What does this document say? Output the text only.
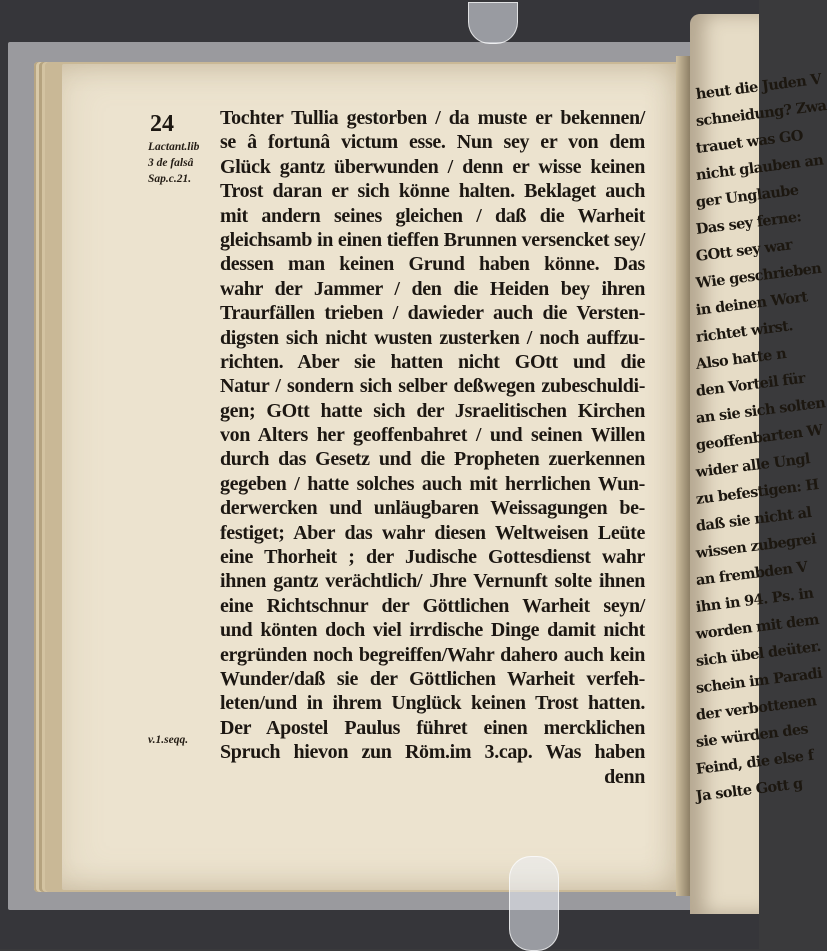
heut die Juden V
schneidung? Zwa
trauet was GO
nicht glauben an
ger Unglaube
Das sey ferne:
GOtt sey war
Wie geschrieben
in deinen Wort
richtet wirst.
Also hatte n
den Vorteil für
an sie sich solten
geoffenbarten W
wider alle Ungl
zu befestigen: H
daß sie nicht al
wissen zubegrei
an frembden V
ihn in 94. Ps. in
worden mit dem
sich übel deüter.
schein im Paradi
der verbottenen
sie würden des
Feind, die else f
Ja solte Gott g
24
Lactant.lib
3 de falsâ
Sap.c.21.
v.1.seqq.
Tochter Tullia gestorben / da muste er bekennen/
se â fortunâ victum esse. Nun sey er von dem
Glück gantz überwunden / denn er wisse keinen
Trost daran er sich könne halten. Beklaget auch
mit andern seines gleichen / daß die Warheit
gleichsamb in einen tieffen Brunnen versencket sey/
dessen man keinen Grund haben könne. Das
wahr der Jammer / den die Heiden bey ihren
Traurfällen trieben / dawieder auch die Versten-
digsten sich nicht wusten zusterken / noch auffzu-
richten. Aber sie hatten nicht GOtt und die
Natur / sondern sich selber deßwegen zubeschuldi-
gen; GOtt hatte sich der Jsraelitischen Kirchen
von Alters her geoffenbahret / und seinen Willen
durch das Gesetz und die Propheten zuerkennen
gegeben / hatte solches auch mit herrlichen Wun-
derwercken und unläugbaren Weissagungen be-
festiget; Aber das wahr diesen Weltweisen Leüte
eine Thorheit ; der Judische Gottesdienst wahr
ihnen gantz verächtlich/ Jhre Vernunft solte ihnen
eine Richtschnur der Göttlichen Warheit seyn/
und könten doch viel irrdische Dinge damit nicht
ergründen noch begreiffen/Wahr dahero auch kein
Wunder/daß sie der Göttlichen Warheit verfeh-
leten/und in ihrem Unglück keinen Trost hatten.
Der Apostel Paulus führet einen mercklichen
Spruch hievon zun Röm.im 3.cap. Was haben
denn
